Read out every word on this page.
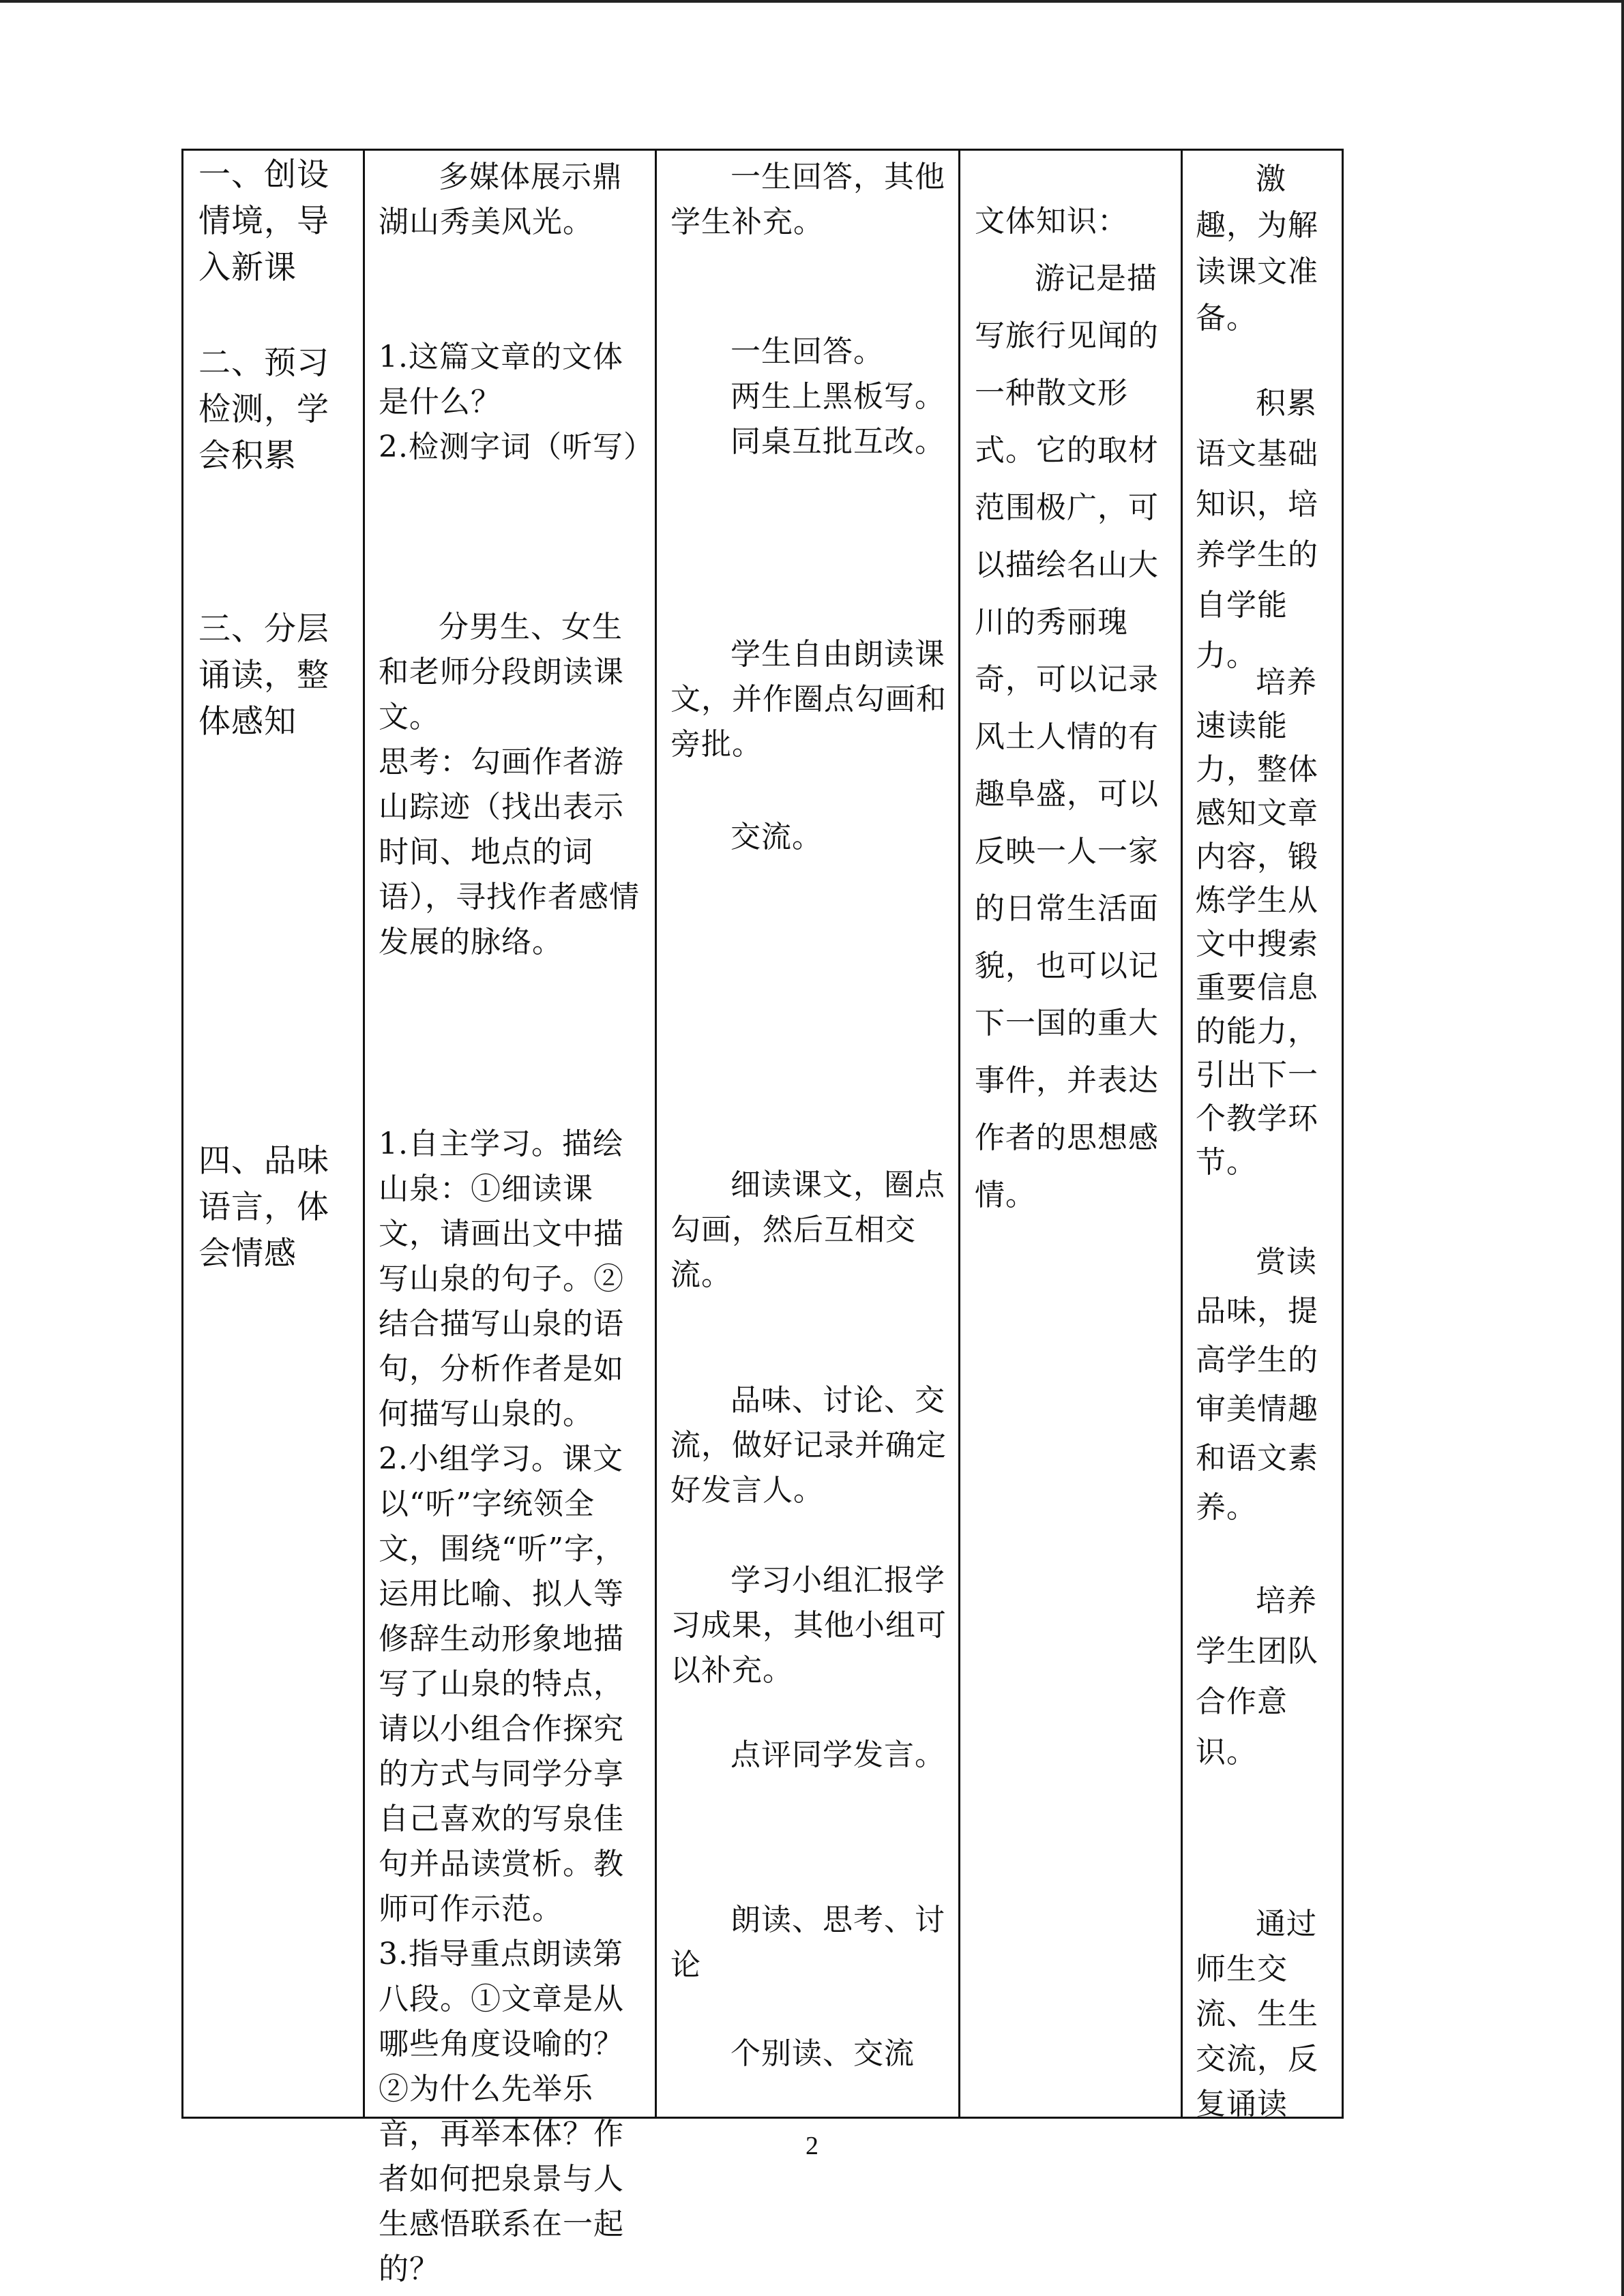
一、创设情境，导入新课

二、预习检测，学会积累

三、分层诵读，整体感知

四、品味语言，体会情感

多媒体展示鼎湖山秀美风光。

1.这篇文章的文体是什么？

2.检测字词（听写）

分男生、女生和老师分段朗读课文。

思考：勾画作者游山踪迹（找出表示时间、地点的词语），寻找作者感情发展的脉络。

1.自主学习。描绘山泉：①细读课文，请画出文中描写山泉的句子。②结合描写山泉的语句，分析作者是如何描写山泉的。

2.小组学习。课文以“听”字统领全文，围绕“听”字，运用比喻、拟人等修辞生动形象地描写了山泉的特点，请以小组合作探究的方式与同学分享自己喜欢的写泉佳句并品读赏析。教师可作示范。

3.指导重点朗读第八段。①文章是从哪些角度设喻的？②为什么先举乐音，再举本体？作者如何把泉景与人生感悟联系在一起的？

一生回答，其他学生补充。

一生回答。

两生上黑板写。

同桌互批互改。

学生自由朗读课文，并作圈点勾画和旁批。

交流。

细读课文，圈点勾画，然后互相交流。

品味、讨论、交流，做好记录并确定好发言人。

学习小组汇报学习成果，其他小组可以补充。

点评同学发言。

朗读、思考、讨论

个别读、交流

文体知识：

游记是描写旅行见闻的一种散文形式。它的取材范围极广，可以描绘名山大川的秀丽瑰奇，可以记录风土人情的有趣阜盛，可以反映一人一家的日常生活面貌，也可以记下一国的重大事件，并表达作者的思想感情。

激趣，为解读课文准备。

积累语文基础知识，培养学生的自学能力。

培养速读能力，整体感知文章内容，锻炼学生从文中搜索重要信息的能力，引出下一个教学环节。

赏读品味，提高学生的审美情趣和语文素养。

培养学生团队合作意识。

通过师生交流、生生交流，反复诵读

2
